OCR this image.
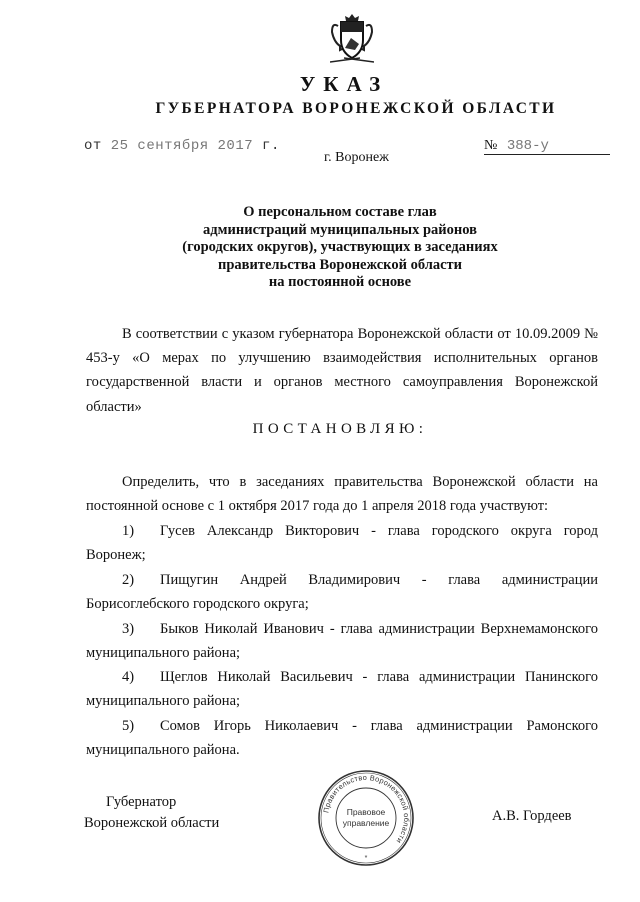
УКАЗ
ГУБЕРНАТОРА ВОРОНЕЖСКОЙ ОБЛАСТИ
от 25 сентября 2017 г.	№ 388-у
г. Воронеж
О персональном составе глав
администраций муниципальных районов
(городских округов), участвующих в заседаниях
правительства Воронежской области
на постоянной основе
В соответствии с указом губернатора Воронежской области от 10.09.2009 № 453-у «О мерах по улучшению взаимодействия исполнительных органов государственной власти и органов местного самоуправления Воронежской области»
ПОСТАНОВЛЯЮ:
Определить, что в заседаниях правительства Воронежской области на постоянной основе с 1 октября 2017 года до 1 апреля 2018 года участвуют:
1) Гусев Александр Викторович - глава городского округа город Воронеж;
2) Пищугин Андрей Владимирович - глава администрации Борисоглебского городского округа;
3) Быков Николай Иванович - глава администрации Верхнемамонского муниципального района;
4) Щеглов Николай Васильевич - глава администрации Панинского муниципального района;
5) Сомов Игорь Николаевич - глава администрации Рамонского муниципального района.
Губернатор
Воронежской области
Правительство Воронежской области
Правовое
управление
*
А.В. Гордеев
